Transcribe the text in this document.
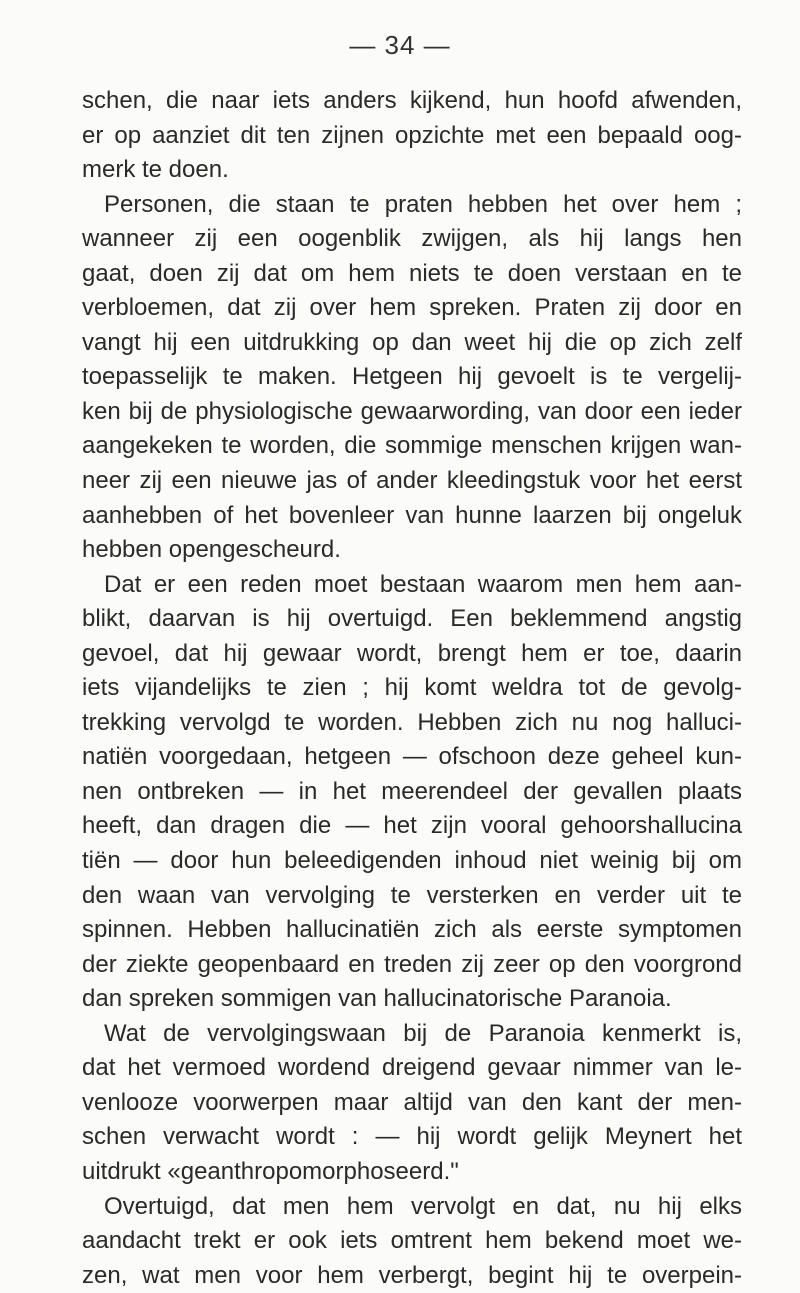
— 34 —
schen, die naar iets anders kijkend, hun hoofd afwenden,
er op aanziet dit ten zijnen opzichte met een bepaald oog-
merk te doen.
Personen, die staan te praten hebben het over hem ;
wanneer zij een oogenblik zwijgen, als hij langs hen
gaat, doen zij dat om hem niets te doen verstaan en te
verbloemen, dat zij over hem spreken. Praten zij door en
vangt hij een uitdrukking op dan weet hij die op zich zelf
toepasselijk te maken. Hetgeen hij gevoelt is te vergelij-
ken bij de physiologische gewaarwording, van door een ieder
aangekeken te worden, die sommige menschen krijgen wan-
neer zij een nieuwe jas of ander kleedingstuk voor het eerst
aanhebben of het bovenleer van hunne laarzen bij ongeluk
hebben opengescheurd.
Dat er een reden moet bestaan waarom men hem aan-
blikt, daarvan is hij overtuigd. Een beklemmend angstig
gevoel, dat hij gewaar wordt, brengt hem er toe, daarin
iets vijandelijks te zien ; hij komt weldra tot de gevolg-
trekking vervolgd te worden. Hebben zich nu nog halluci-
natiën voorgedaan, hetgeen — ofschoon deze geheel kun-
nen ontbreken — in het meerendeel der gevallen plaats
heeft, dan dragen die — het zijn vooral gehoorshallucina
tiën — door hun beleedigenden inhoud niet weinig bij om
den waan van vervolging te versterken en verder uit te
spinnen. Hebben hallucinatiën zich als eerste symptomen
der ziekte geopenbaard en treden zij zeer op den voorgrond
dan spreken sommigen van hallucinatorische Paranoia.
Wat de vervolgingswaan bij de Paranoia kenmerkt is,
dat het vermoed wordend dreigend gevaar nimmer van le-
venlooze voorwerpen maar altijd van den kant der men-
schen verwacht wordt : — hij wordt gelijk Meynert het
uitdrukt «geanthropomorphoseerd."
Overtuigd, dat men hem vervolgt en dat, nu hij elks
aandacht trekt er ook iets omtrent hem bekend moet we-
zen, wat men voor hem verbergt, begint hij te overpein-
